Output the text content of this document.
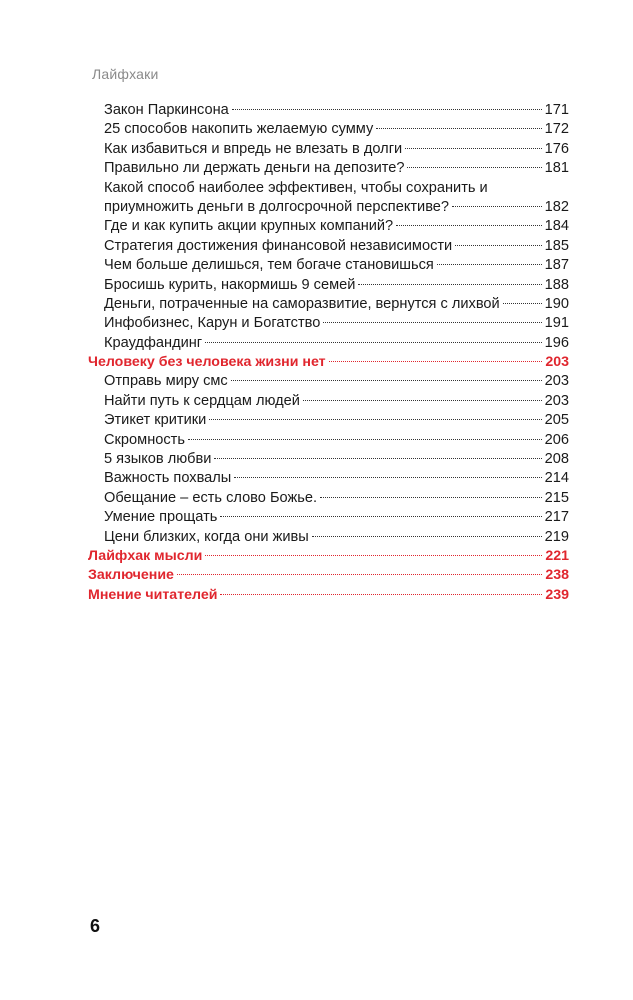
Лайфхаки
Закон Паркинсона	171
25 способов накопить желаемую сумму	172
Как избавиться и впредь не влезать в долги	176
Правильно ли держать деньги на депозите?	181
Какой способ наиболее эффективен, чтобы сохранить и
приумножить деньги в долгосрочной перспективе?	182
Где и как купить акции крупных компаний?	184
Стратегия достижения финансовой независимости	185
Чем больше делишься, тем богаче становишься	187
Бросишь курить, накормишь 9 семей	188
Деньги, потраченные на саморазвитие, вернутся с лихвой	190
Инфобизнес, Карун и Богатство	191
Краудфандинг	196
Человеку без человека жизни нет	203
Отправь миру смс	203
Найти путь к сердцам людей	203
Этикет критики	205
Скромность	206
5 языков любви	208
Важность похвалы	214
Обещание – есть слово Божье.	215
Умение прощать	217
Цени близких, когда они живы	219
Лайфхак мысли	221
Заключение	238
Мнение читателей	239
6
